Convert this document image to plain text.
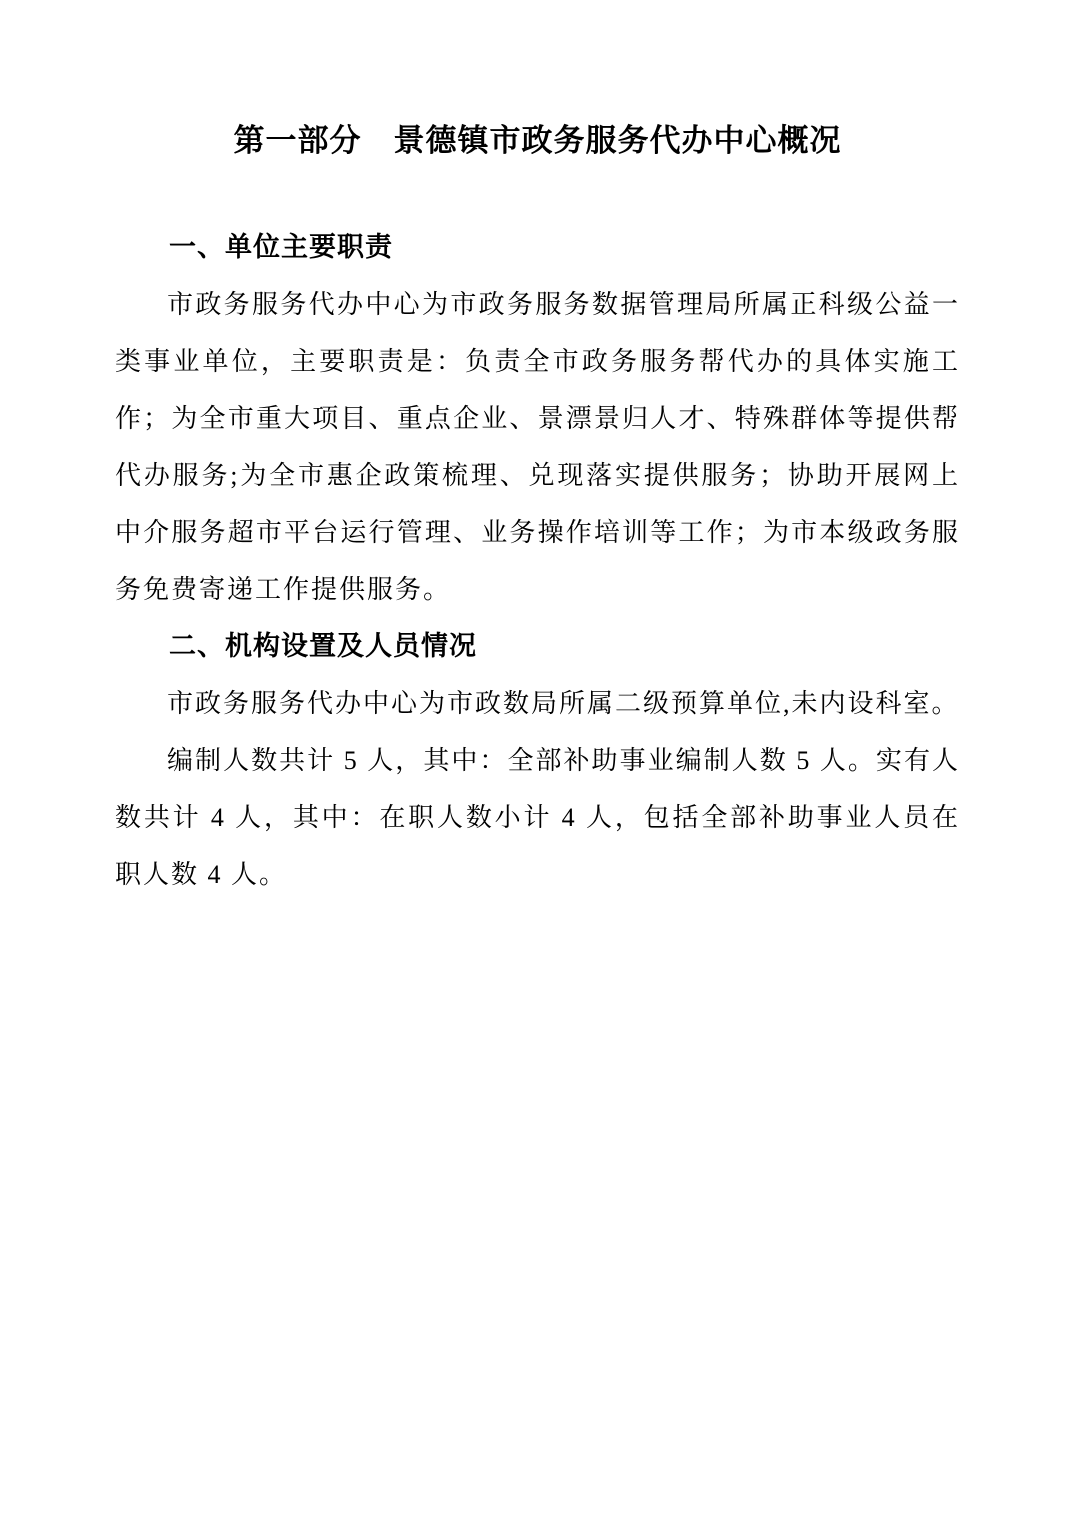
第一部分　景德镇市政务服务代办中心概况
一、单位主要职责

市政务服务代办中心为市政务服务数据管理局所属正科级公益一类事业单位，主要职责是：负责全市政务服务帮代办的具体实施工作；为全市重大项目、重点企业、景漂景归人才、特殊群体等提供帮代办服务;为全市惠企政策梳理、兑现落实提供服务；协助开展网上中介服务超市平台运行管理、业务操作培训等工作；为市本级政务服务免费寄递工作提供服务。

二、机构设置及人员情况

市政务服务代办中心为市政数局所属二级预算单位,未内设科室。

编制人数共计 5 人，其中：全部补助事业编制人数 5 人。实有人数共计 4 人，其中：在职人数小计 4 人，包括全部补助事业人员在职人数 4 人。
